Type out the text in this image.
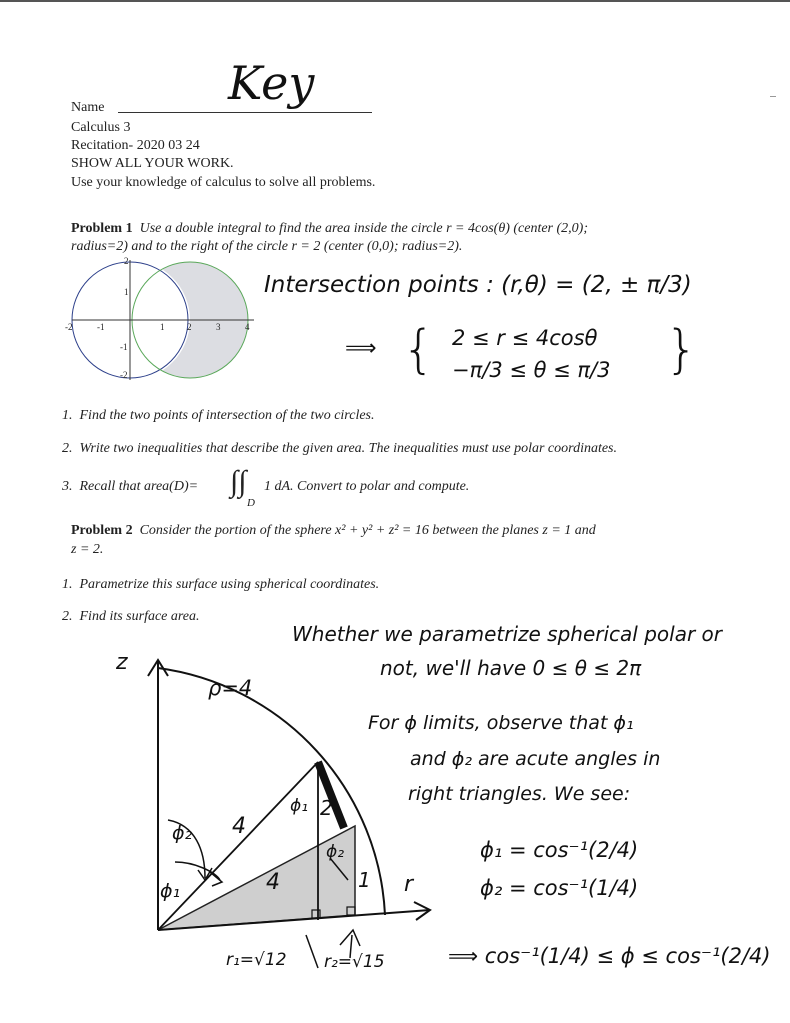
Name	Key
Calculus 3
Recitation- 2020 03 24
SHOW ALL YOUR WORK.
Use your knowledge of calculus to solve all problems.
Problem 1 Use a double integral to find the area inside the circle r = 4cos(θ) (center (2,0);
radius=2) and to the right of the circle r = 2 (center (0,0); radius=2).
-2	-1	1	2	3	4
2
1
-1
-2
Intersection points : (r,θ) = (2, ± π/3)
⟹ { 2 ≤ r ≤ 4cosθ
−π/3 ≤ θ ≤ π/3 }
1. Find the two points of intersection of the two circles.
2. Write two inequalities that describe the given area. The inequalities must use polar coordinates.
3. Recall that area(D)= ∫∫
D
1 dA. Convert to polar and compute.
Problem 2 Consider the portion of the sphere x² + y² + z² = 16 between the planes z = 1 and
z = 2.
1. Parametrize this surface using spherical coordinates.
2. Find its surface area.
Whether we parametrize spherical polar or
not, we'll have 0 ≤ θ ≤ 2π
For ϕ limits, observe that ϕ₁
and ϕ₂ are acute angles in
right triangles. We see:
ϕ₁ = cos⁻¹(2/4)
ϕ₂ = cos⁻¹(1/4)
⟹ cos⁻¹(1/4) ≤ ϕ ≤ cos⁻¹(2/4)
z
r
ρ=4
4
4
2
1
ϕ₂
ϕ₁
ϕ₁
ϕ₂
r₁=√12 r₂=√15
